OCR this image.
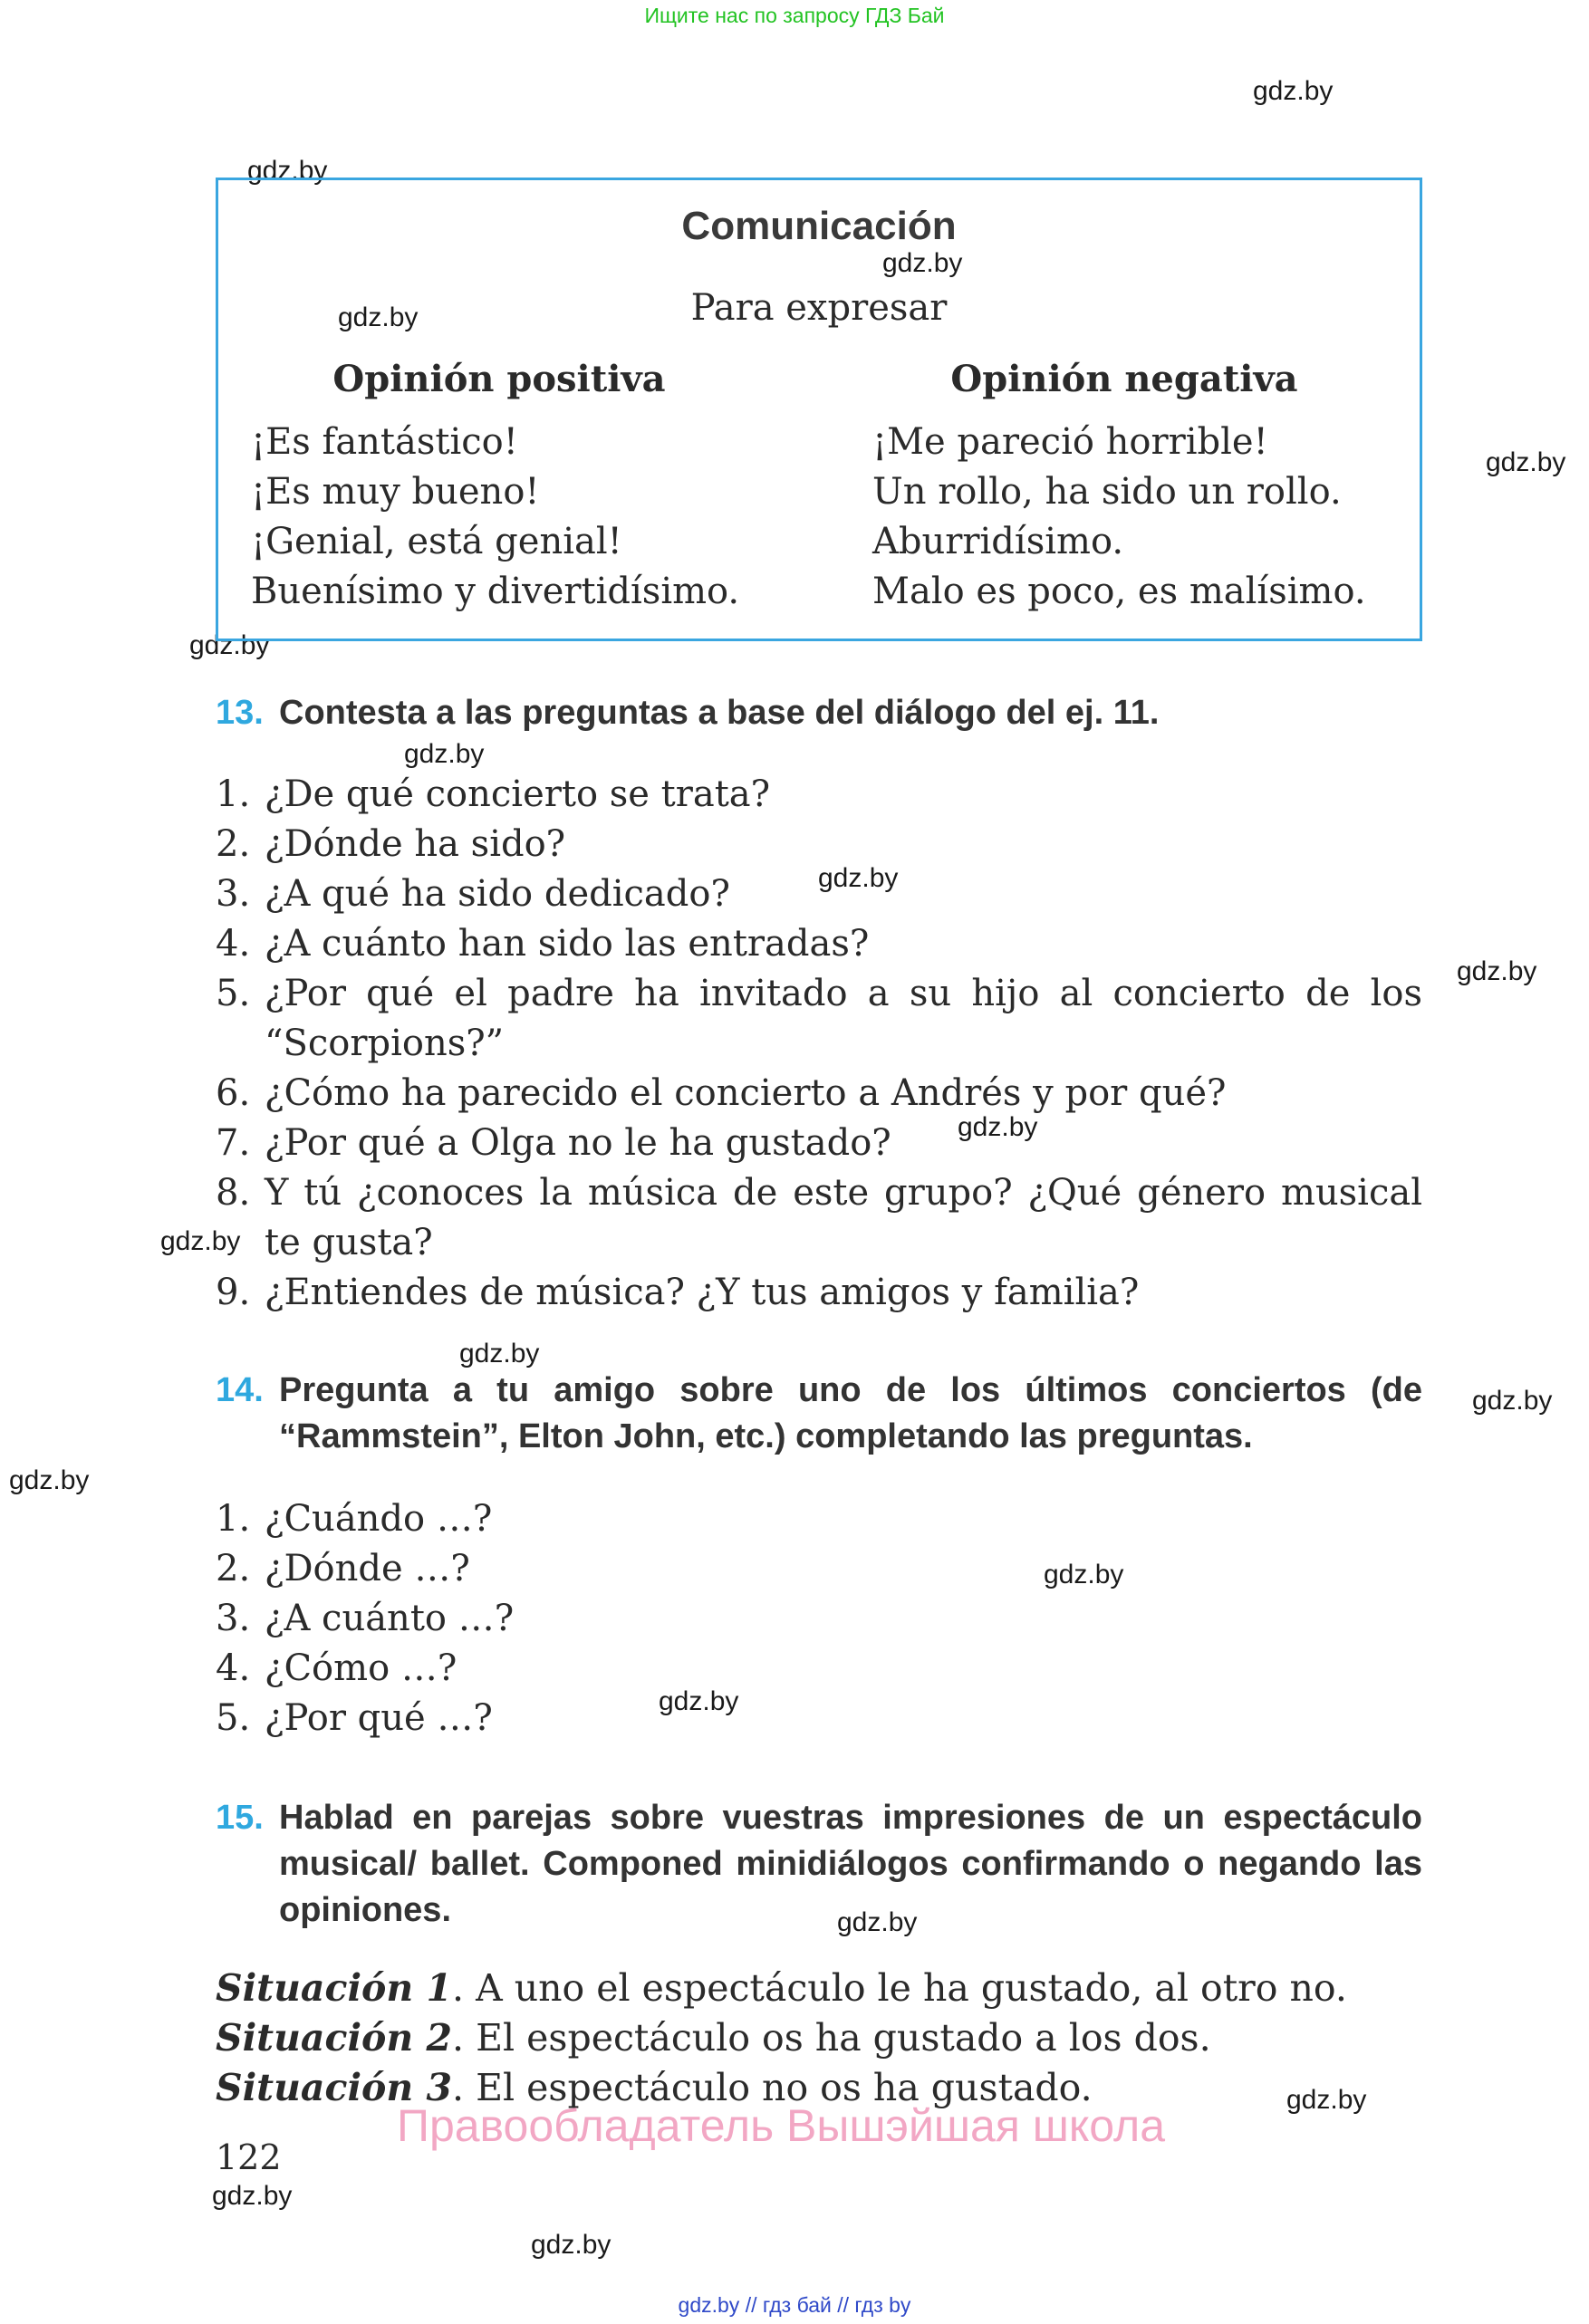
Ищите нас по запросу ГДЗ Бай
gdz.by
gdz.by
gdz.by
gdz.by
gdz.by
gdz.by
gdz.by
gdz.by
gdz.by
gdz.by
gdz.by
gdz.by
gdz.by
gdz.by
gdz.by
gdz.by
gdz.by
gdz.by
gdz.by
gdz.by
Comunicación
Para expresar
Opinión positiva
¡Es fantástico!
¡Es muy bueno!
¡Genial, está genial!
Buenísimo y divertidísimo.
Opinión negativa
¡Me pareció horrible!
Un rollo, ha sido un rollo.
Aburridísimo.
Malo es poco, es malísimo.
13. Contesta a las preguntas a base del diálogo del ej. 11.
1. ¿De qué concierto se trata?
2. ¿Dónde ha sido?
3. ¿A qué ha sido dedicado?
4. ¿A cuánto han sido las entradas?
5. ¿Por qué el padre ha invitado a su hijo al concierto de los “Scorpions?”
6. ¿Cómo ha parecido el concierto a Andrés y por qué?
7. ¿Por qué a Olga no le ha gustado?
8. Y tú ¿conoces la música de este grupo? ¿Qué género musical te gusta?
9. ¿Entiendes de música? ¿Y tus amigos y familia?
14. Pregunta a tu amigo sobre uno de los últimos conciertos (de “Rammstein”, Elton John, etc.) completando las preguntas.
1. ¿Cuándo …?
2. ¿Dónde …?
3. ¿A cuánto …?
4. ¿Cómo …?
5. ¿Por qué …?
15. Hablad en parejas sobre vuestras impresiones de un espectáculo musical/ ballet. Componed minidiálogos confirmando o negando las opiniones.
Situación 1. A uno el espectáculo le ha gustado, al otro no.
Situación 2. El espectáculo os ha gustado a los dos.
Situación 3. El espectáculo no os ha gustado.
Правообладатель Вышэйшая школа
122
gdz.by // гдз бай // гдз by
